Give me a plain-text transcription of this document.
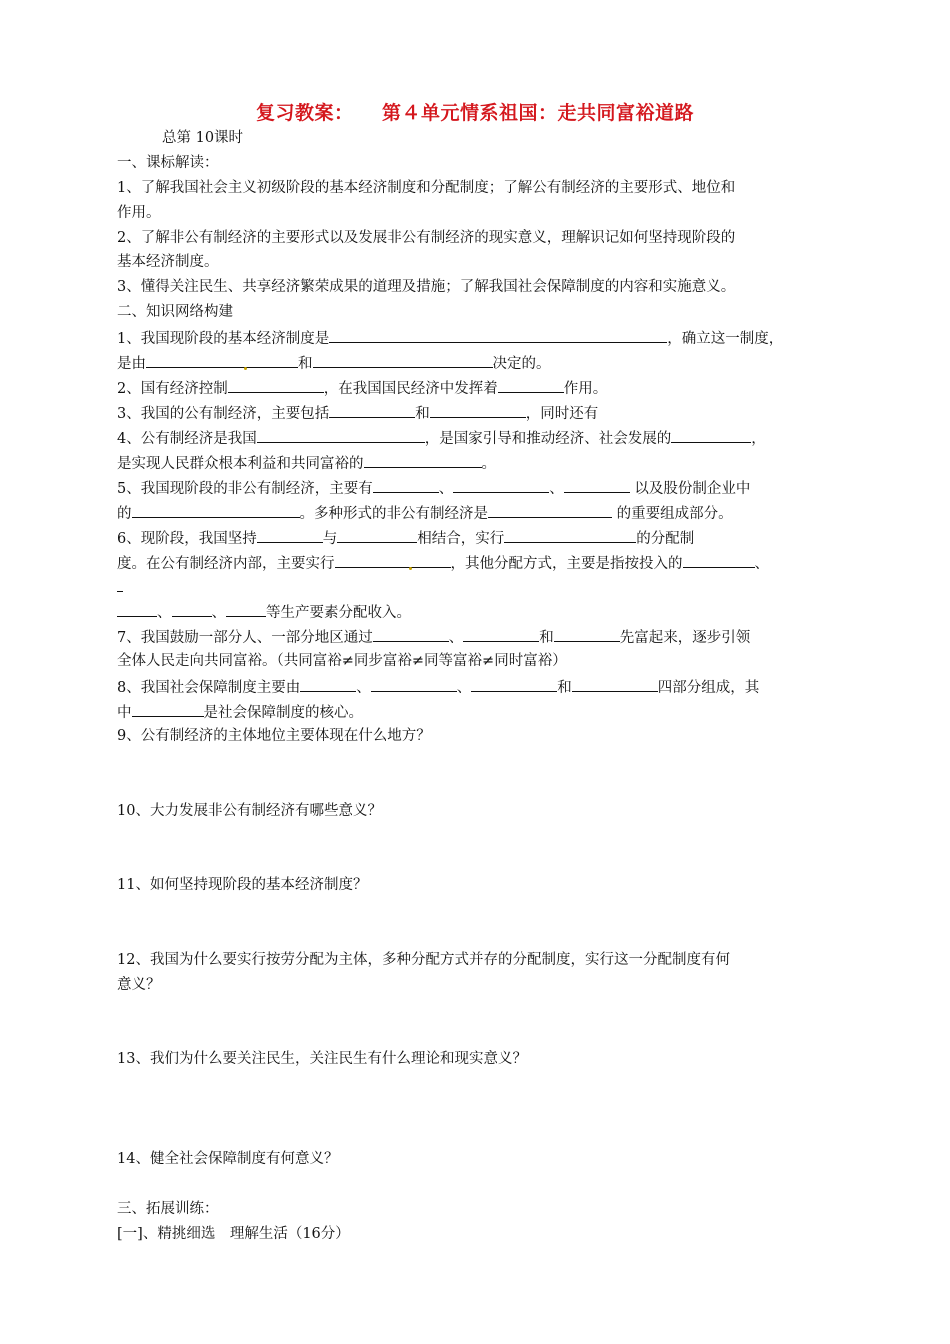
复习教案：    第４单元情系祖国：走共同富裕道路
总第 10课时
一、课标解读：
1、了解我国社会主义初级阶段的基本经济制度和分配制度；了解公有制经济的主要形式、地位和
作用。
2、了解非公有制经济的主要形式以及发展非公有制经济的现实意义，理解识记如何坚持现阶段的
基本经济制度。
3、懂得关注民生、共享经济繁荣成果的道理及措施；了解我国社会保障制度的内容和实施意义。
二、知识网络构建
1、我国现阶段的基本经济制度是	，确立这一制度，
是由	和	决定的。
2、国有经济控制	，在我国国民经济中发挥着	作用。
3、我国的公有制经济，主要包括	和	，同时还有
4、公有制经济是我国	，是国家引导和推动经济、社会发展的	，
是实现人民群众根本利益和共同富裕的	。
5、我国现阶段的非公有制经济，主要有	、	、	以及股份制企业中
的	。多种形式的非公有制经济是	的重要组成部分。
6、现阶段，我国坚持	与	相结合，实行	的分配制
度。在公有制经济内部，主要实行	，其他分配方式，主要是指按投入的	、
、	、	等生产要素分配收入。
7、我国鼓励一部分人、一部分地区通过	、	和	先富起来，逐步引领
全体人民走向共同富裕。（共同富裕≠同步富裕≠同等富裕≠同时富裕）
8、我国社会保障制度主要由	、	、	和	四部分组成，其
中	是社会保障制度的核心。
9、公有制经济的主体地位主要体现在什么地方？
10、大力发展非公有制经济有哪些意义？
11、如何坚持现阶段的基本经济制度？
12、我国为什么要实行按劳分配为主体，多种分配方式并存的分配制度，实行这一分配制度有何
意义？
13、我们为什么要关注民生，关注民生有什么理论和现实意义？
14、健全社会保障制度有何意义？
三、拓展训练：
[一]、精挑细选　理解生活（16分）
